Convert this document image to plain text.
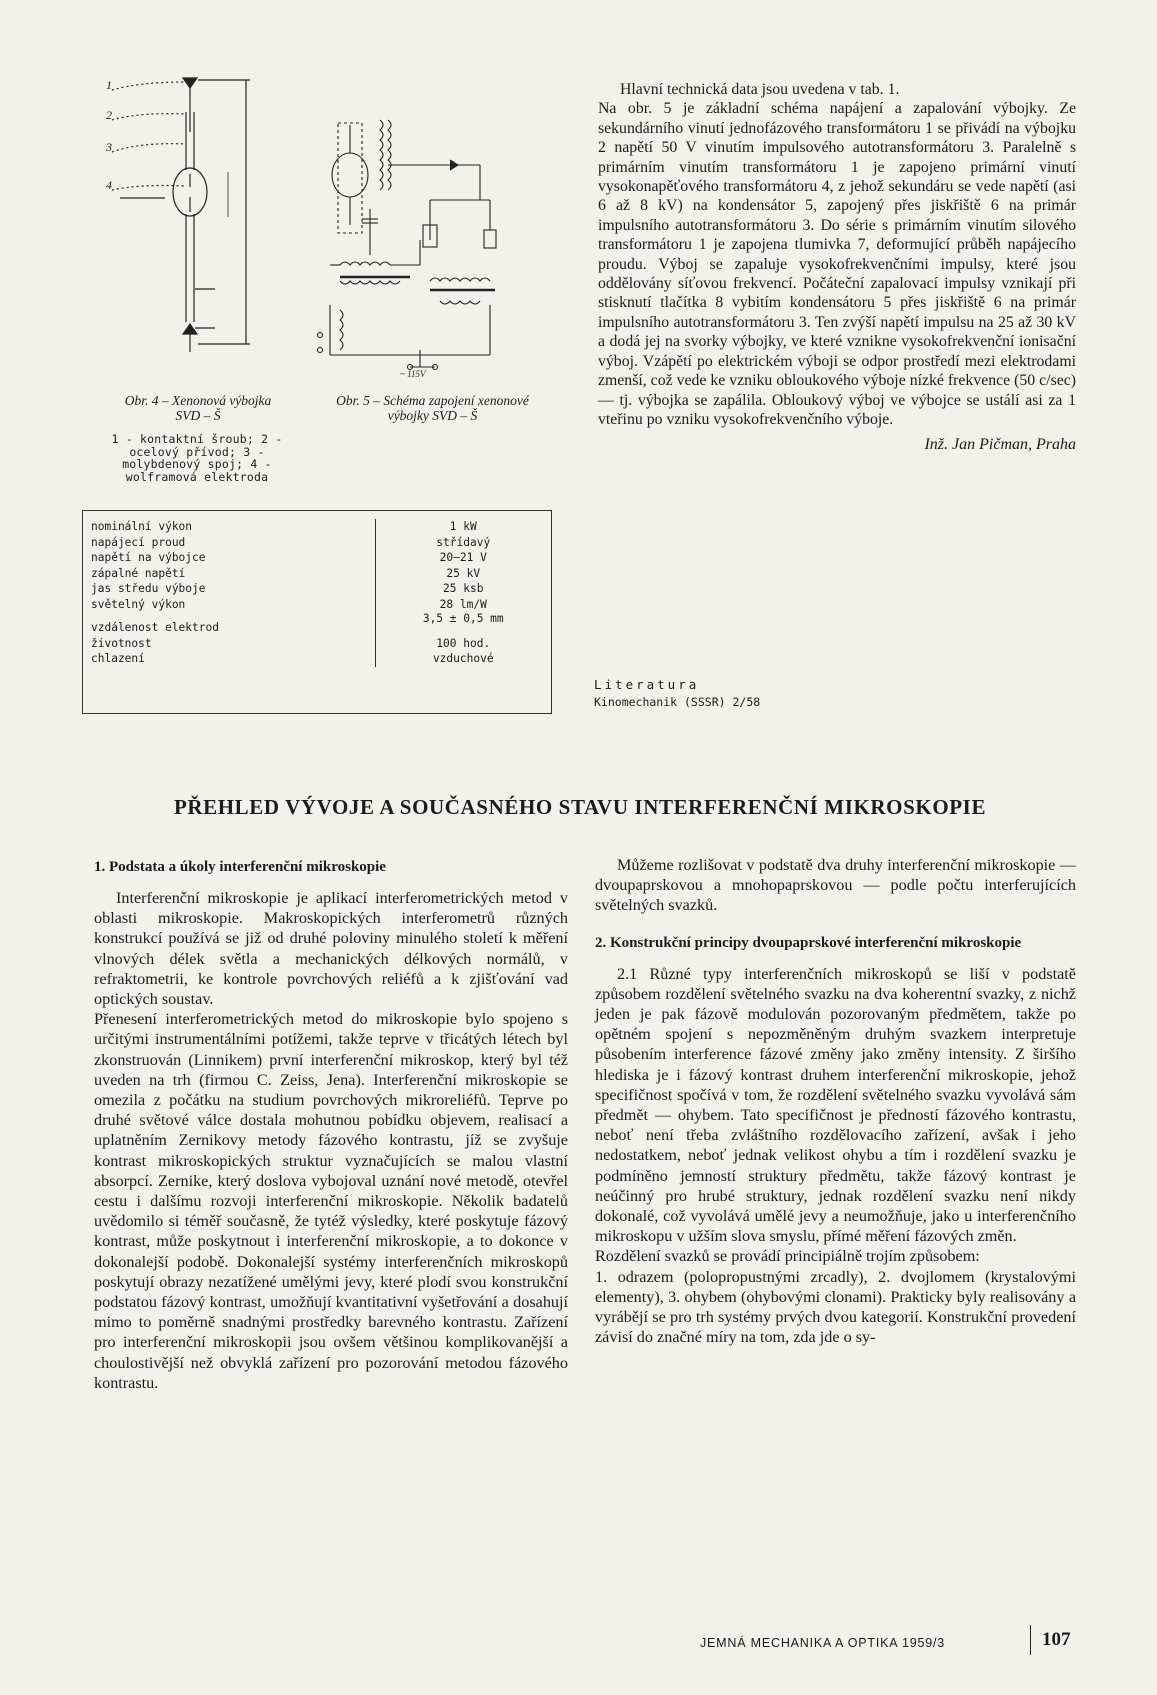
1
2
3
4
Obr. 4 – Xenonová výbojka SVD – Š
1 - kontaktní šroub; 2 - ocelový přívod; 3 - molybdenový spoj; 4 - wolframová elektroda
~ 115V
Obr. 5 – Schéma zapojení xenonové výbojky SVD – Š
nominální výkon	1 kW
napájecí proud	střídavý
napětí na výbojce	20—21 V
zápalné napětí	25 kV
jas středu výboje	25 ksb
světelný výkon	28 lm/W
vzdálenost elektrod	3,5 ± 0,5 mm
životnost	100 hod.
chlazení	vzduchové

Hlavní technická data jsou uvedena v tab. 1.

Na obr. 5 je základní schéma napájení a zapalování výbojky. Ze sekundárního vinutí jednofázového transformátoru 1 se přivádí na výbojku 2 napětí 50 V vinutím impulsového autotransformátoru 3. Paralelně s primárním vinutím transformátoru 1 je zapojeno primární vinutí vysokonapěťového transformátoru 4, z jehož sekundáru se vede napětí (asi 6 až 8 kV) na kondensátor 5, zapojený přes jiskřiště 6 na primár impulsního autotransformátoru 3. Do série s primárním vinutím silového transformátoru 1 je zapojena tlumivka 7, deformující průběh napájecího proudu. Výboj se zapaluje vysokofrekvenčními impulsy, které jsou oddělovány síťovou frekvencí. Počáteční zapalovací impulsy vznikají při stisknutí tlačítka 8 vybitím kondensátoru 5 přes jiskřiště 6 na primár impulsního autotransformátoru 3. Ten zvýší napětí impulsu na 25 až 30 kV a dodá jej na svorky výbojky, ve které vznikne vysokofrekvenční ionisační výboj. Vzápětí po elektrickém výboji se odpor prostředí mezi elektrodami zmenší, což vede ke vzniku obloukového výboje nízké frekvence (50 c/sec) — tj. výbojka se zapálila. Obloukový výboj ve výbojce se ustálí asi za 1 vteřinu po vzniku vysokofrekvenčního výboje.

Inž. Jan Pičman, Praha

Literatura
Kinomechanik (SSSR) 2/58
PŘEHLED VÝVOJE A SOUČASNÉHO STAVU INTERFERENČNÍ MIKROSKOPIE
1. Podstata a úkoly interferenční mikroskopie

Interferenční mikroskopie je aplikací interferometrických metod v oblasti mikroskopie. Makroskopických interferometrů různých konstrukcí používá se již od druhé poloviny minulého století k měření vlnových délek světla a mechanických délkových normálů, v refraktometrii, ke kontrole povrchových reliéfů a k zjišťování vad optických soustav.

Přenesení interferometrických metod do mikroskopie bylo spojeno s určitými instrumentálními potížemi, takže teprve v třicátých létech byl zkonstruován (Linnikem) první interferenční mikroskop, který byl též uveden na trh (firmou C. Zeiss, Jena). Interferenční mikroskopie se omezila z počátku na studium povrchových mikroreliéfů. Teprve po druhé světové válce dostala mohutnou pobídku objevem, realisací a uplatněním Zernikovy metody fázového kontrastu, jíž se zvyšuje kontrast mikroskopických struktur vyznačujících se malou vlastní absorpcí. Zernike, který doslova vybojoval uznání nové metodě, otevřel cestu i dalšímu rozvoji interferenční mikroskopie. Několik badatelů uvědomilo si téměř současně, že tytéž výsledky, které poskytuje fázový kontrast, může poskytnout i interferenční mikroskopie, a to dokonce v dokonalejší podobě. Dokonalejší systémy interferenčních mikroskopů poskytují obrazy nezatížené umělými jevy, které plodí svou konstrukční podstatou fázový kontrast, umožňují kvantitativní vyšetřování a dosahují mimo to poměrně snadnými prostředky barevného kontrastu. Zařízení pro interferenční mikroskopii jsou ovšem většinou komplikovanější a choulostivější než obvyklá zařízení pro pozorování metodou fázového kontrastu.

Můžeme rozlišovat v podstatě dva druhy interferenční mikroskopie — dvoupaprskovou a mnohopaprskovou — podle počtu interferujících světelných svazků.

2. Konstrukční principy dvoupaprskové interferenční mikroskopie

2.1 Různé typy interferenčních mikroskopů se liší v podstatě způsobem rozdělení světelného svazku na dva koherentní svazky, z nichž jeden je pak fázově modulován pozorovaným předmětem, takže po opětném spojení s nepozměněným druhým svazkem interpretuje působením interference fázové změny jako změny intensity. Z širšího hlediska je i fázový kontrast druhem interferenční mikroskopie, jehož specifičnost spočívá v tom, že rozdělení světelného svazku vyvolává sám předmět — ohybem. Tato specifičnost je předností fázového kontrastu, neboť není třeba zvláštního rozdělovacího zařízení, avšak i jeho nedostatkem, neboť jednak velikost ohybu a tím i rozdělení svazku je podmíněno jemností struktury předmětu, takže fázový kontrast je neúčinný pro hrubé struktury, jednak rozdělení svazku není nikdy dokonalé, což vyvolává umělé jevy a neumožňuje, jako u interferenčního mikroskopu v užším slova smyslu, přímé měření fázových změn.

Rozdělení svazků se provádí principiálně trojím způsobem:

1. odrazem (polopropustnými zrcadly), 2. dvojlomem (krystalovými elementy), 3. ohybem (ohybovými clonami). Prakticky byly realisovány a vyrábějí se pro trh systémy prvých dvou kategorií. Konstrukční provedení závisí do značné míry na tom, zda jde o sy-

JEMNÁ MECHANIKA A OPTIKA 1959/3	107
